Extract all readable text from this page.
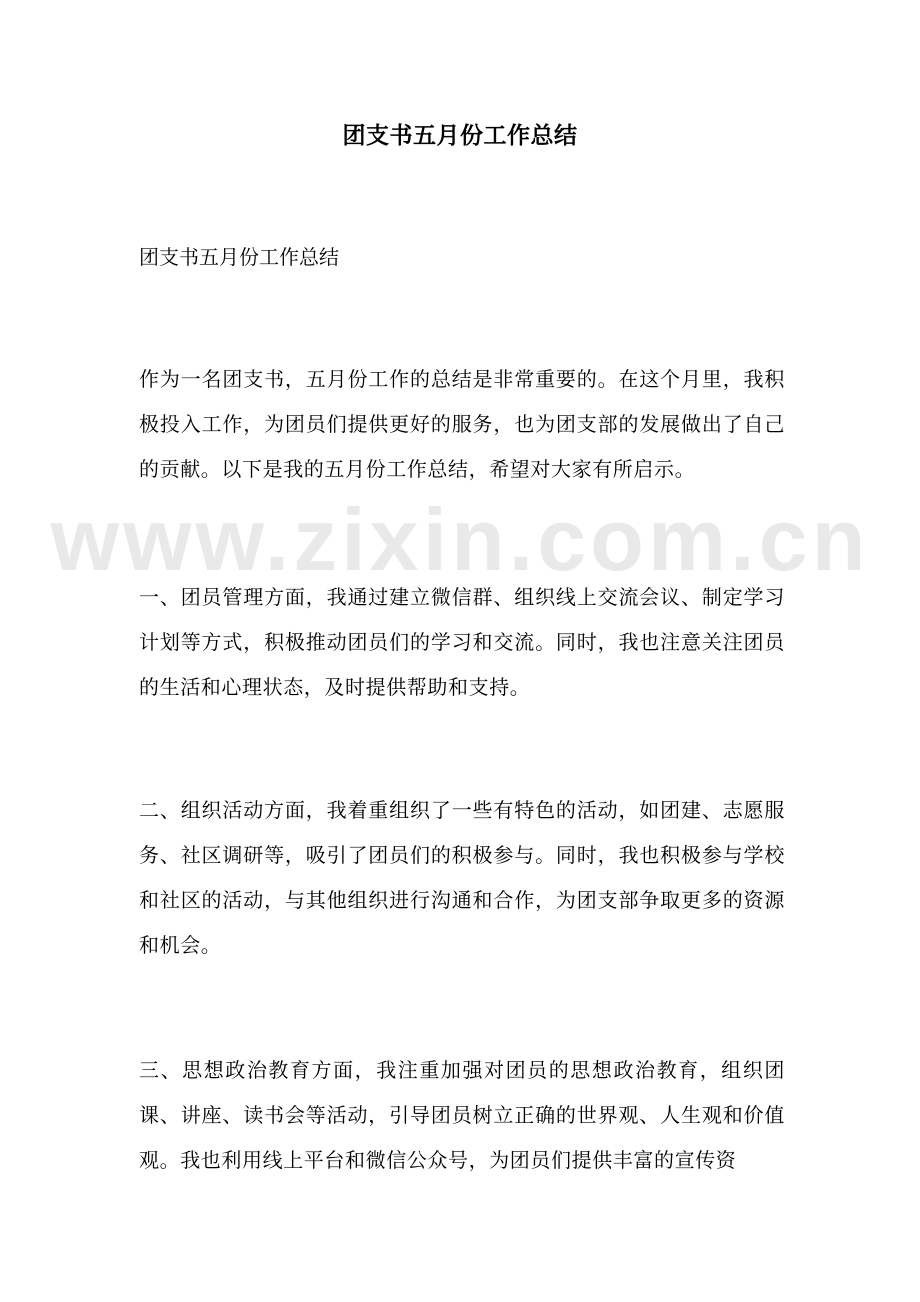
www.zixin.com.cn
团支书五月份工作总结
团支书五月份工作总结
作为一名团支书，五月份工作的总结是非常重要的。在这个月里，我积极投入工作，为团员们提供更好的服务，也为团支部的发展做出了自己的贡献。以下是我的五月份工作总结，希望对大家有所启示。
一、团员管理方面，我通过建立微信群、组织线上交流会议、制定学习计划等方式，积极推动团员们的学习和交流。同时，我也注意关注团员的生活和心理状态，及时提供帮助和支持。
二、组织活动方面，我着重组织了一些有特色的活动，如团建、志愿服务、社区调研等，吸引了团员们的积极参与。同时，我也积极参与学校和社区的活动，与其他组织进行沟通和合作，为团支部争取更多的资源和机会。
三、思想政治教育方面，我注重加强对团员的思想政治教育，组织团课、讲座、读书会等活动，引导团员树立正确的世界观、人生观和价值观。我也利用线上平台和微信公众号，为团员们提供丰富的宣传资
